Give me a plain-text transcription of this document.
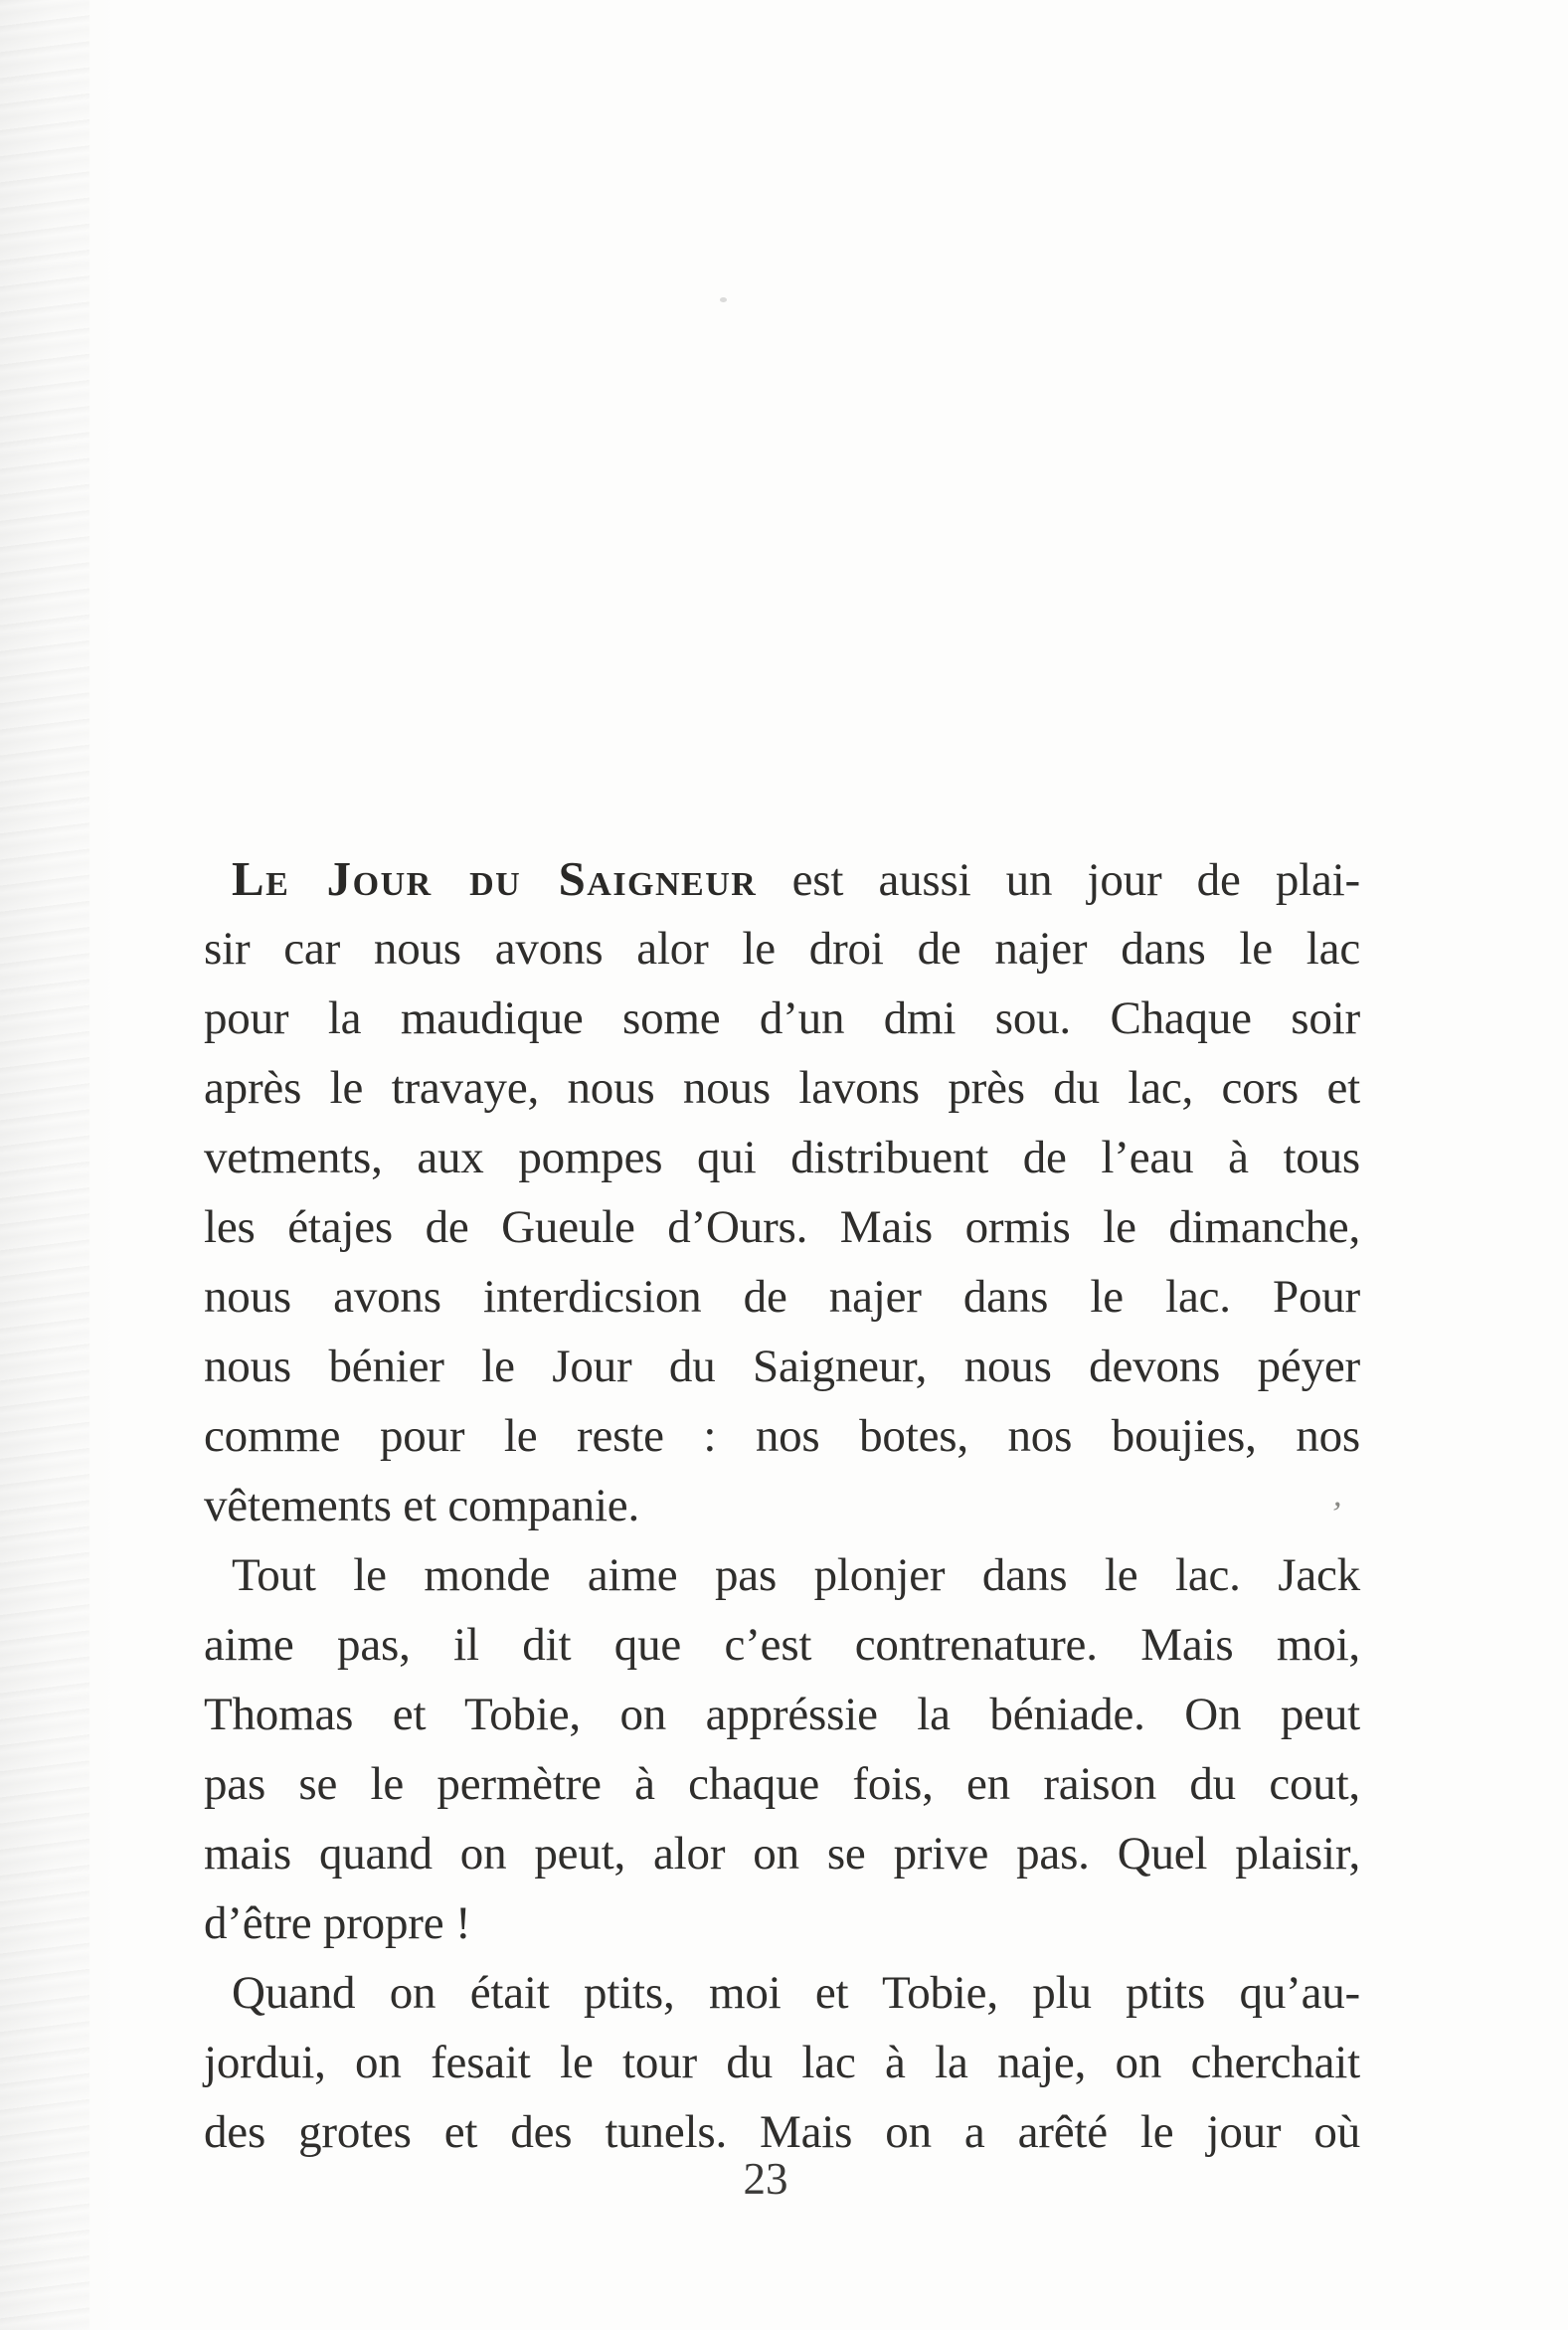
Le Jour du Saigneur est aussi un jour de plai-
sir car nous avons alor le droi de najer dans le lac
pour la maudique some d’un dmi sou. Chaque soir
après le travaye, nous nous lavons près du lac, cors et
vetments, aux pompes qui distribuent de l’eau à tous
les étajes de Gueule d’Ours. Mais ormis le dimanche,
nous avons interdicsion de najer dans le lac. Pour
nous bénier le Jour du Saigneur, nous devons péyer
comme pour le reste : nos botes, nos boujies, nos
vêtements et companie.
Tout le monde aime pas plonjer dans le lac. Jack
aime pas, il dit que c’est contrenature. Mais moi,
Thomas et Tobie, on appréssie la béniade. On peut
pas se le permètre à chaque fois, en raison du cout,
mais quand on peut, alor on se prive pas. Quel plaisir,
d’être propre !
Quand on était ptits, moi et Tobie, plu ptits qu’au-
jordui, on fesait le tour du lac à la naje, on cherchait
des grotes et des tunels. Mais on a arêté le jour où
’
23
